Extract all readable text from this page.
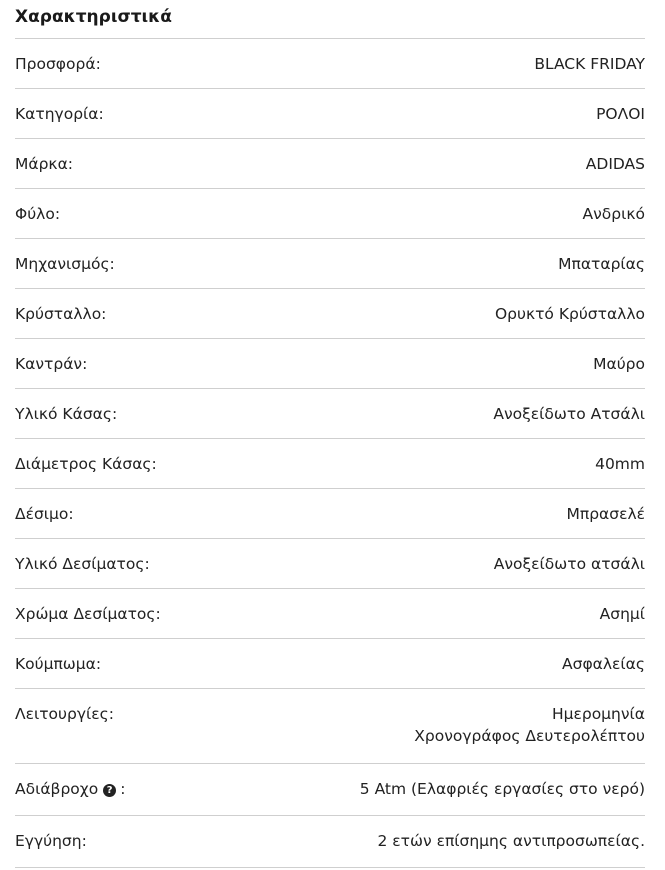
Χαρακτηριστικά
Προσφορά:	BLACK FRIDAY
Κατηγορία:	ΡΟΛΟΙ
Μάρκα:	ADIDAS
Φύλο:	Ανδρικό
Μηχανισμός:	Μπαταρίας
Κρύσταλλο:	Ορυκτό Κρύσταλλο
Καντράν:	Μαύρο
Υλικό Κάσας:	Ανοξείδωτο Ατσάλι
Διάμετρος Κάσας:	40mm
Δέσιμο:	Μπρασελέ
Υλικό Δεσίματος:	Ανοξείδωτο ατσάλι
Χρώμα Δεσίματος:	Ασημί
Κούμπωμα:	Ασφαλείας
Λειτουργίες:	Ημερομηνία
Χρονογράφος Δευτερολέπτου
Αδιάβροχο ? :	5 Atm (Ελαφριές εργασίες στο νερό)
Εγγύηση:	2 ετών επίσημης αντιπροσωπείας.
